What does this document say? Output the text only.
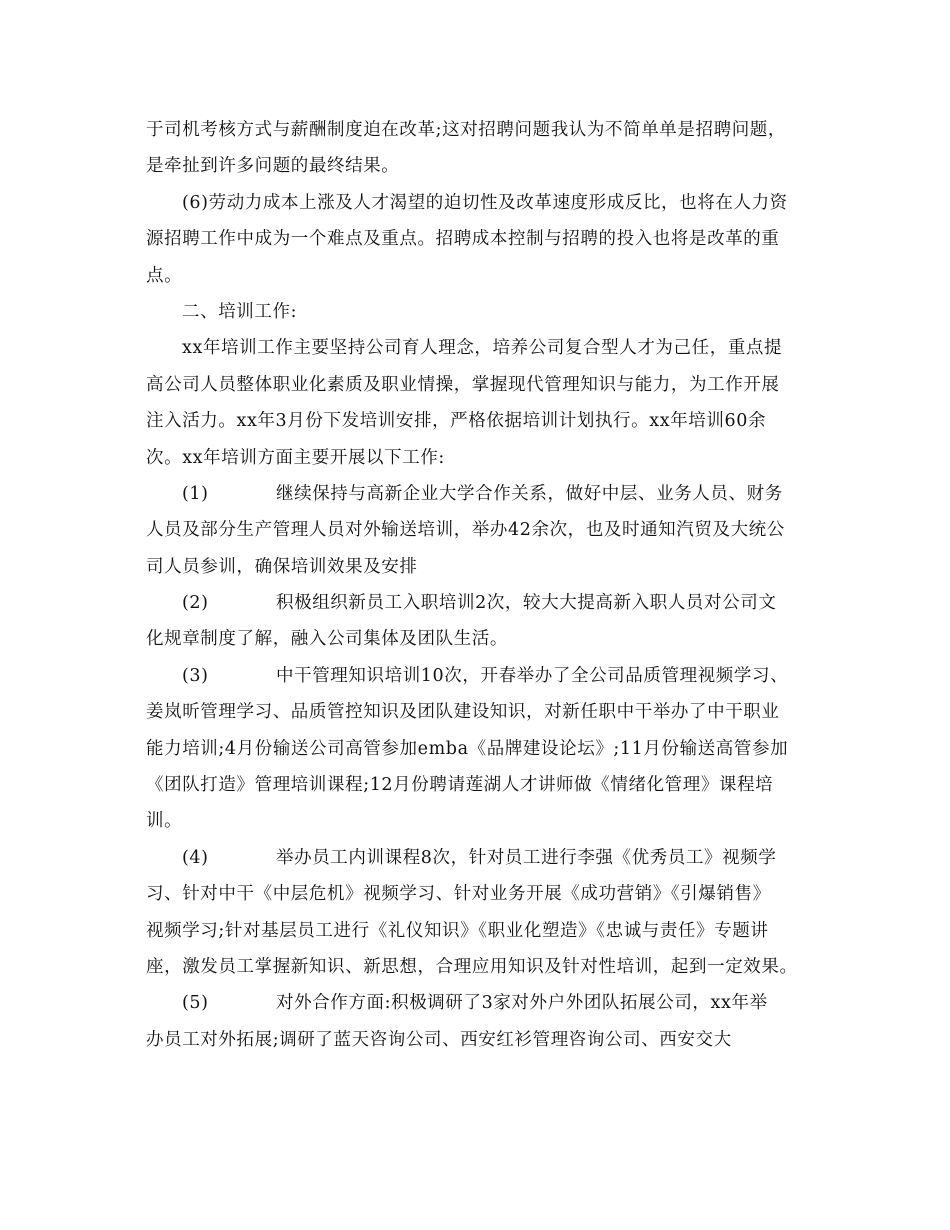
于司机考核方式与薪酬制度迫在改革;这对招聘问题我认为不简单单是招聘问题，
是牵扯到许多问题的最终结果。
(6)劳动力成本上涨及人才渴望的迫切性及改革速度形成反比，也将在人力资
源招聘工作中成为一个难点及重点。招聘成本控制与招聘的投入也将是改革的重
点。
二、培训工作:
xx年培训工作主要坚持公司育人理念，培养公司复合型人才为己任，重点提
高公司人员整体职业化素质及职业情操，掌握现代管理知识与能力，为工作开展
注入活力。xx年3月份下发培训安排，严格依据培训计划执行。xx年培训60余
次。xx年培训方面主要开展以下工作:
(1)	继续保持与高新企业大学合作关系，做好中层、业务人员、财务
人员及部分生产管理人员对外输送培训，举办42余次，也及时通知汽贸及大统公
司人员参训，确保培训效果及安排
(2)	积极组织新员工入职培训2次，较大大提高新入职人员对公司文
化规章制度了解，融入公司集体及团队生活。
(3)	中干管理知识培训10次，开春举办了全公司品质管理视频学习、
姜岚昕管理学习、品质管控知识及团队建设知识，对新任职中干举办了中干职业
能力培训;4月份输送公司高管参加emba《品牌建设论坛》;11月份输送高管参加
《团队打造》管理培训课程;12月份聘请莲湖人才讲师做《情绪化管理》课程培
训。
(4)	举办员工内训课程8次，针对员工进行李强《优秀员工》视频学
习、针对中干《中层危机》视频学习、针对业务开展《成功营销》《引爆销售》
视频学习;针对基层员工进行《礼仪知识》《职业化塑造》《忠诚与责任》专题讲
座，激发员工掌握新知识、新思想，合理应用知识及针对性培训，起到一定效果。
(5)	对外合作方面:积极调研了3家对外户外团队拓展公司，xx年举
办员工对外拓展;调研了蓝天咨询公司、西安红衫管理咨询公司、西安交大
